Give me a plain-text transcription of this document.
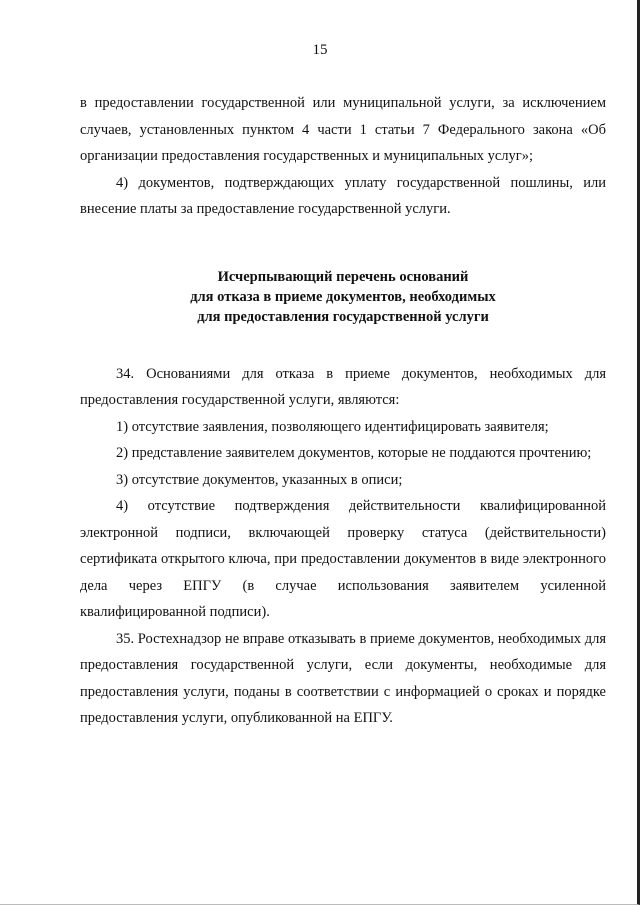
15

в предоставлении государственной или муниципальной услуги, за исключением случаев, установленных пунктом 4 части 1 статьи 7 Федерального закона «Об организации предоставления государственных и муниципальных услуг»;

4) документов, подтверждающих уплату государственной пошлины, или внесение платы за предоставление государственной услуги.

Исчерпывающий перечень оснований
для отказа в приеме документов, необходимых
для предоставления государственной услуги

34. Основаниями для отказа в приеме документов, необходимых для предоставления государственной услуги, являются:

1) отсутствие заявления, позволяющего идентифицировать заявителя;

2) представление заявителем документов, которые не поддаются прочтению;

3) отсутствие документов, указанных в описи;

4) отсутствие подтверждения действительности квалифицированной электронной подписи, включающей проверку статуса (действительности) сертификата открытого ключа, при предоставлении документов в виде электронного дела через ЕПГУ (в случае использования заявителем усиленной квалифицированной подписи).

35. Ростехнадзор не вправе отказывать в приеме документов, необходимых для предоставления государственной услуги, если документы, необходимые для предоставления услуги, поданы в соответствии с информацией о сроках и порядке предоставления услуги, опубликованной на ЕПГУ.
